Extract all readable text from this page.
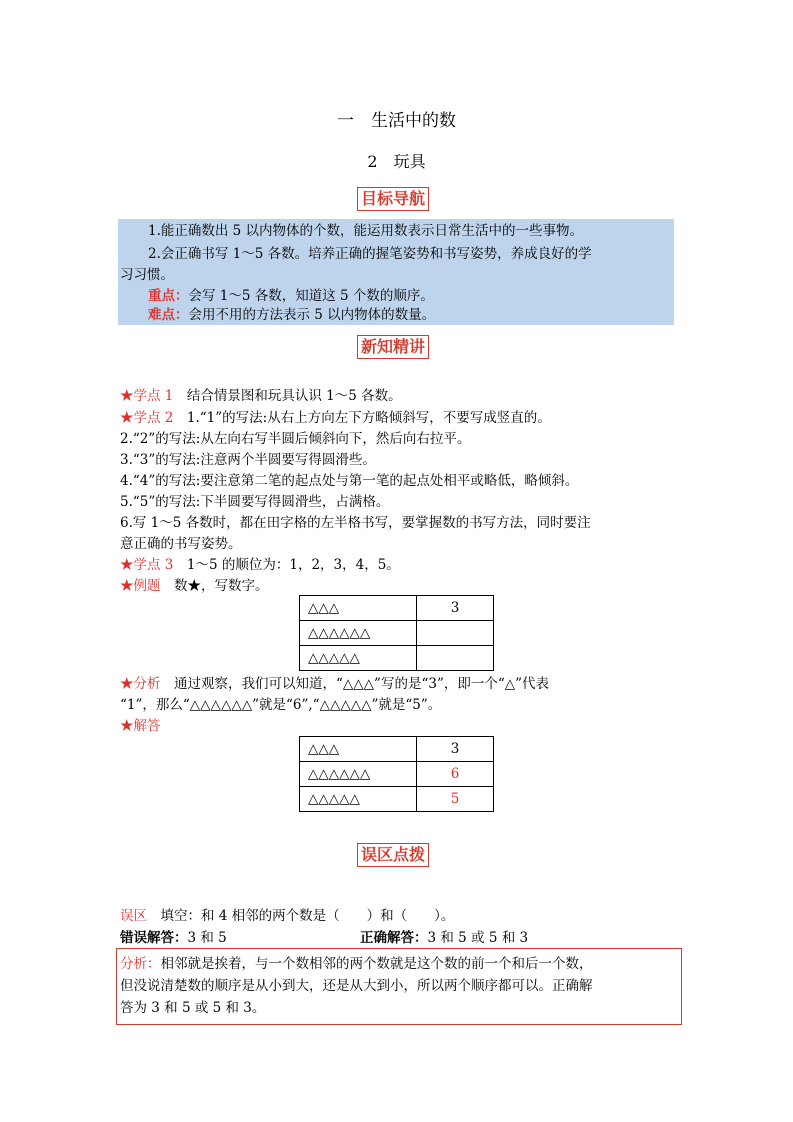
一　生活中的数
2　玩具
目标导航
1.能正确数出 5 以内物体的个数，能运用数表示日常生活中的一些事物。
2.会正确书写 1～5 各数。培养正确的握笔姿势和书写姿势，养成良好的学
习习惯。
重点：会写 1～5 各数，知道这 5 个数的顺序。
难点：会用不用的方法表示 5 以内物体的数量。
新知精讲
★学点 1　结合情景图和玩具认识 1～5 各数。
★学点 2　1.“1”的写法:从右上方向左下方略倾斜写，不要写成竖直的。
2.“2”的写法:从左向右写半圆后倾斜向下，然后向右拉平。
3.“3”的写法:注意两个半圆要写得圆滑些。
4.“4”的写法:要注意第二笔的起点处与第一笔的起点处相平或略低，略倾斜。
5.“5”的写法:下半圆要写得圆滑些，占满格。
6.写 1～5 各数时，都在田字格的左半格书写，要掌握数的书写方法，同时要注
意正确的书写姿势。
★学点 3　1～5 的顺位为：1，2，3，4，5。
★例题　数★，写数字。
△△△	3
△△△△△△	
△△△△△	
★分析　通过观察，我们可以知道，“△△△”写的是“3”，即一个“△”代表
“1”，那么“△△△△△△”就是“6”,“△△△△△”就是“5”。
★解答
△△△	3
△△△△△△	6
△△△△△	5
误区点拨
误区　填空：和 4 相邻的两个数是（　　）和（　　）。
错误解答：3 和 5	正确解答：3 和 5 或 5 和 3
分析：相邻就是挨着，与一个数相邻的两个数就是这个数的前一个和后一个数，
但没说清楚数的顺序是从小到大，还是从大到小，所以两个顺序都可以。正确解
答为 3 和 5 或 5 和 3。
